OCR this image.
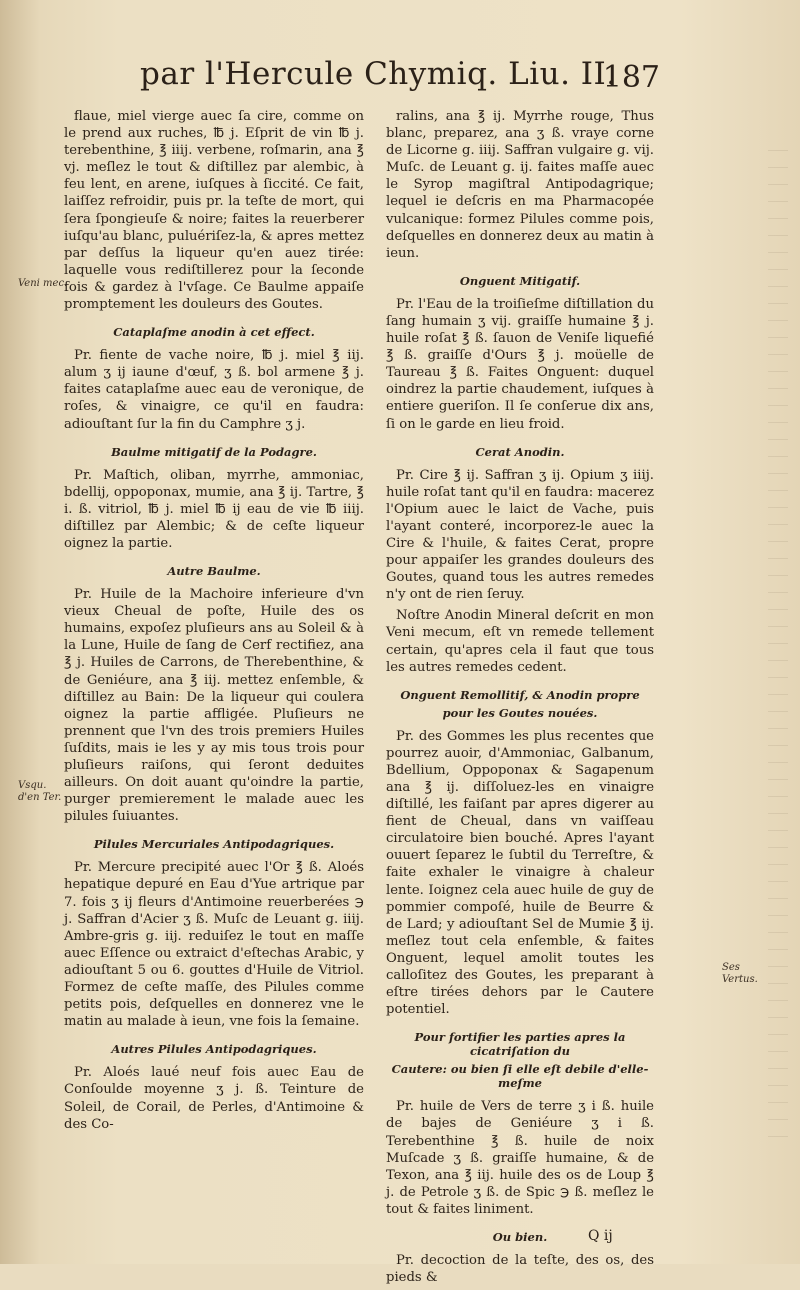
par l'Hercule Chymiq. Liu. II.
187

flaue, miel vierge auec ſa cire, comme on le prend aux ruches, ℔ j. Eſprit de vin ℔ j. terebenthine, ℥ iiij. verbene, roſmarin, ana ℥ vj. meſlez le tout & diſtillez par alembic, à feu lent, en arene, iuſques à ſiccité. Ce fait, laiſſez refroidir, puis pr. la teſte de mort, qui ſera ſpongieuſe & noire; faites la reuerberer iuſqu'au blanc, puluériſez-la, & apres mettez par deſſus la liqueur qu'en auez tirée: laquelle vous rediſtillerez pour la ſeconde fois & gardez à l'vſage. Ce Baulme appaiſe promptement les douleurs des Goutes.

Cataplaſme anodin à cet effect.

Pr. fiente de vache noire, ℔ j. miel ℥ iij. alum ʒ ij iaune d'œuf, ʒ ß. bol armene ℥ j. faites cataplaſme auec eau de veronique, de roſes, & vinaigre, ce qu'il en faudra: adiouſtant ſur la fin du Camphre ʒ j.

Baulme mitigatif de la Podagre.

Pr. Maſtich, oliban, myrrhe, ammoniac, bdellij, oppoponax, mumie, ana ℥ ij. Tartre, ℥ i. ß. vitriol, ℔ j. miel ℔ ij eau de vie ℔ iiij. diſtillez par Alembic; & de ceſte liqueur oignez la partie.

Autre Baulme.

Pr. Huile de la Machoire inferieure d'vn vieux Cheual de poſte, Huile des os humains, expoſez pluſieurs ans au Soleil & à la Lune, Huile de ſang de Cerf rectifiez, ana ℥ j. Huiles de Carrons, de Therebenthine, & de Geniéure, ana ℥ iij. mettez enſemble, & diſtillez au Bain: De la liqueur qui coulera oignez la partie affligée. Pluſieurs ne prennent que l'vn des trois premiers Huiles ſuſdits, mais ie les y ay mis tous trois pour pluſieurs raiſons, qui ſeront deduites ailleurs. On doit auant qu'oindre la partie, purger premierement le malade auec les pilules ſuiuantes.

Pilules Mercuriales Antipodagriques.

Pr. Mercure precipité auec l'Or ℥ ß. Aloés hepatique depuré en Eau d'Yue artrique par 7. fois ʒ ij fleurs d'Antimoine reuerberées ℈ j. Saffran d'Acier ʒ ß. Muſc de Leuant g. iiij. Ambre-gris g. iij. reduiſez le tout en maſſe auec Eſſence ou extraict d'eſtechas Arabic, y adiouſtant 5 ou 6. gouttes d'Huile de Vitriol. Formez de ceſte maſſe, des Pilules comme petits pois, deſquelles en donnerez vne le matin au malade à ieun, vne fois la ſemaine.

Autres Pilules Antipodagriques.

Pr. Aloés laué neuf fois auec Eau de Conſoulde moyenne ʒ j. ß. Teinture de Soleil, de Corail, de Perles, d'Antimoine & des Co-

ralins, ana ℥ ij. Myrrhe rouge, Thus blanc, preparez, ana ʒ ß. vraye corne de Licorne g. iiij. Saffran vulgaire g. vij. Muſc. de Leuant g. ij. faites maſſe auec le Syrop magiſtral Antipodagrique; lequel ie deſcris en ma Pharmacopée vulcanique: formez Pilules comme pois, deſquelles en donnerez deux au matin à ieun.

Onguent Mitigatif.

Pr. l'Eau de la troiſieſme diſtillation du ſang humain ʒ vij. graiſſe humaine ℥ j. huile roſat ℥ ß. ſauon de Veniſe liquefié ℥ ß. graiſſe d'Ours ℥ j. moüelle de Taureau ℥ ß. Faites Onguent: duquel oindrez la partie chaudement, iuſques à entiere gueriſon. Il ſe conſerue dix ans, ſi on le garde en lieu froid.

Cerat Anodin.

Pr. Cire ℥ ij. Saffran ʒ ij. Opium ʒ iiij. huile roſat tant qu'il en faudra: macerez l'Opium auec le laict de Vache, puis l'ayant conteré, incorporez-le auec la Cire & l'huile, & faites Cerat, propre pour appaiſer les grandes douleurs des Goutes, quand tous les autres remedes n'y ont de rien ſeruy.

Noſtre Anodin Mineral deſcrit en mon Veni mecum, eſt vn remede tellement certain, qu'apres cela il faut que tous les autres remedes cedent.

Onguent Remollitif, & Anodin propre
pour les Goutes nouées.

Pr. des Gommes les plus recentes que pourrez auoir, d'Ammoniac, Galbanum, Bdellium, Oppoponax & Sagapenum ana ℥ ij. diſſoluez-les en vinaigre diſtillé, les faiſant par apres digerer au fient de Cheual, dans vn vaiſſeau circulatoire bien bouché. Apres l'ayant ouuert ſeparez le ſubtil du Terreſtre, & faite exhaler le vinaigre à chaleur lente. Ioignez cela auec huile de guy de pommier compoſé, huile de Beurre & de Lard; y adiouſtant Sel de Mumie ℥ ij. meſlez tout cela enſemble, & faites Onguent, lequel amolit toutes les calloſitez des Goutes, les preparant à eſtre tirées dehors par le Cautere potentiel.

Pour fortifier les parties apres la cicatriſation du
Cautere: ou bien ſi elle eſt debile d'elle-meſme

Pr. huile de Vers de terre ʒ i ß. huile de bajes de Geniéure ʒ i ß. Terebenthine ℥ ß. huile de noix Muſcade ʒ ß. graiſſe humaine, & de Texon, ana ℥ iij. huile des os de Loup ℥ j. de Petrole ʒ ß. de Spic ℈ ß. meſlez le tout & faites liniment.

Ou bien.

Pr. decoction de la teſte, des os, des pieds &

Veni mec.
Vsqu. d'en Ter.
Ses Vertus.
Q ij
